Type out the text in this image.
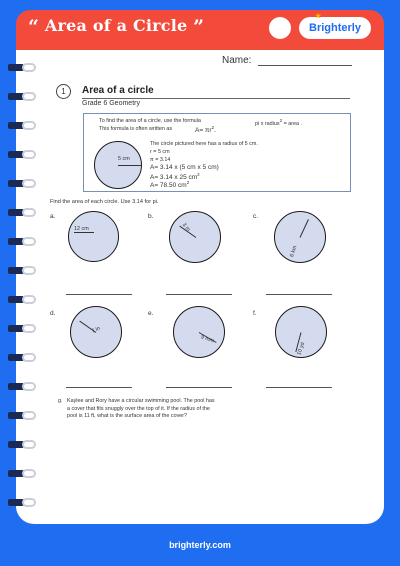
“ Area of a Circle ”	★
Brighterly
Name:
1	Area of a circle
Grade 6 Geometry
To find the area of a circle, use the formula	pi x radius$^2$ = area .
This formula is often written as	$A= \pi r^2$.
5 cm
The circle pictured here has a radius of 5 cm.
r = 5 cm
π = 3.14
A= 3.14 x (5 cm x 5 cm)
A= 3.14 x 25 $cm^2$
A= 78.50 $cm^2$
Find the area of each circle. Use 3.14 for pi.
a.
12 cm
b.
3 m
c.
6 km
d.
7 in
e.
9 mm
f.
10 yd
g. Kaylee and Rory have a circular swimming pool. The pool has a cover that fits snuggly over the top of it. If the radius of the pool is 11 ft, what is the surface area of the cover?
brighterly.com
